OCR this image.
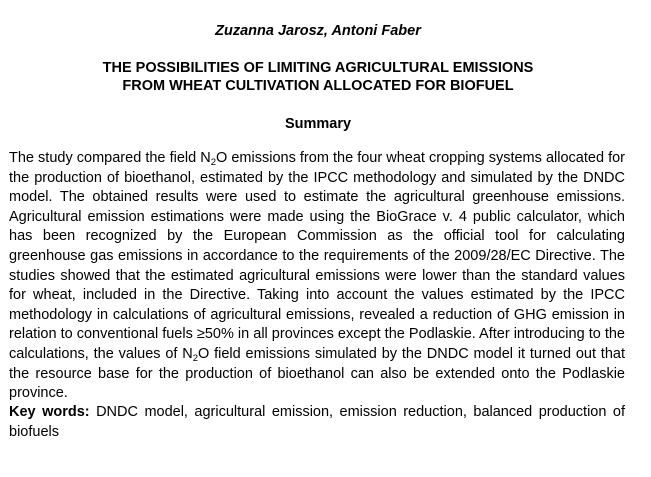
Zuzanna Jarosz, Antoni Faber
THE POSSIBILITIES OF LIMITING AGRICULTURAL EMISSIONS
FROM WHEAT CULTIVATION ALLOCATED FOR BIOFUEL
Summary
The study compared the field $N_2O$ emissions from the four wheat cropping systems allocated for the production of bioethanol, estimated by the IPCC methodology and simulated by the DNDC model. The obtained results were used to estimate the agricultural greenhouse emissions. Agricultural emission estimations were made using the BioGrace v. 4 public calculator, which has been recognized by the European Commission as the official tool for calculating greenhouse gas emissions in accordance to the requirements of the 2009/28/EC Directive. The studies showed that the estimated agricultural emissions were lower than the standard values for wheat, included in the Directive. Taking into account the values estimated by the IPCC methodology in calculations of agricultural emissions, revealed a reduction of GHG emission in relation to conventional fuels ≥50% in all provinces except the Podlaskie. After introducing to the calculations, the values of $N_2O$ field emissions simulated by the DNDC model it turned out that the resource base for the production of bioethanol can also be extended onto the Podlaskie province.
Key words: DNDC model, agricultural emission, emission reduction, balanced production of biofuels
